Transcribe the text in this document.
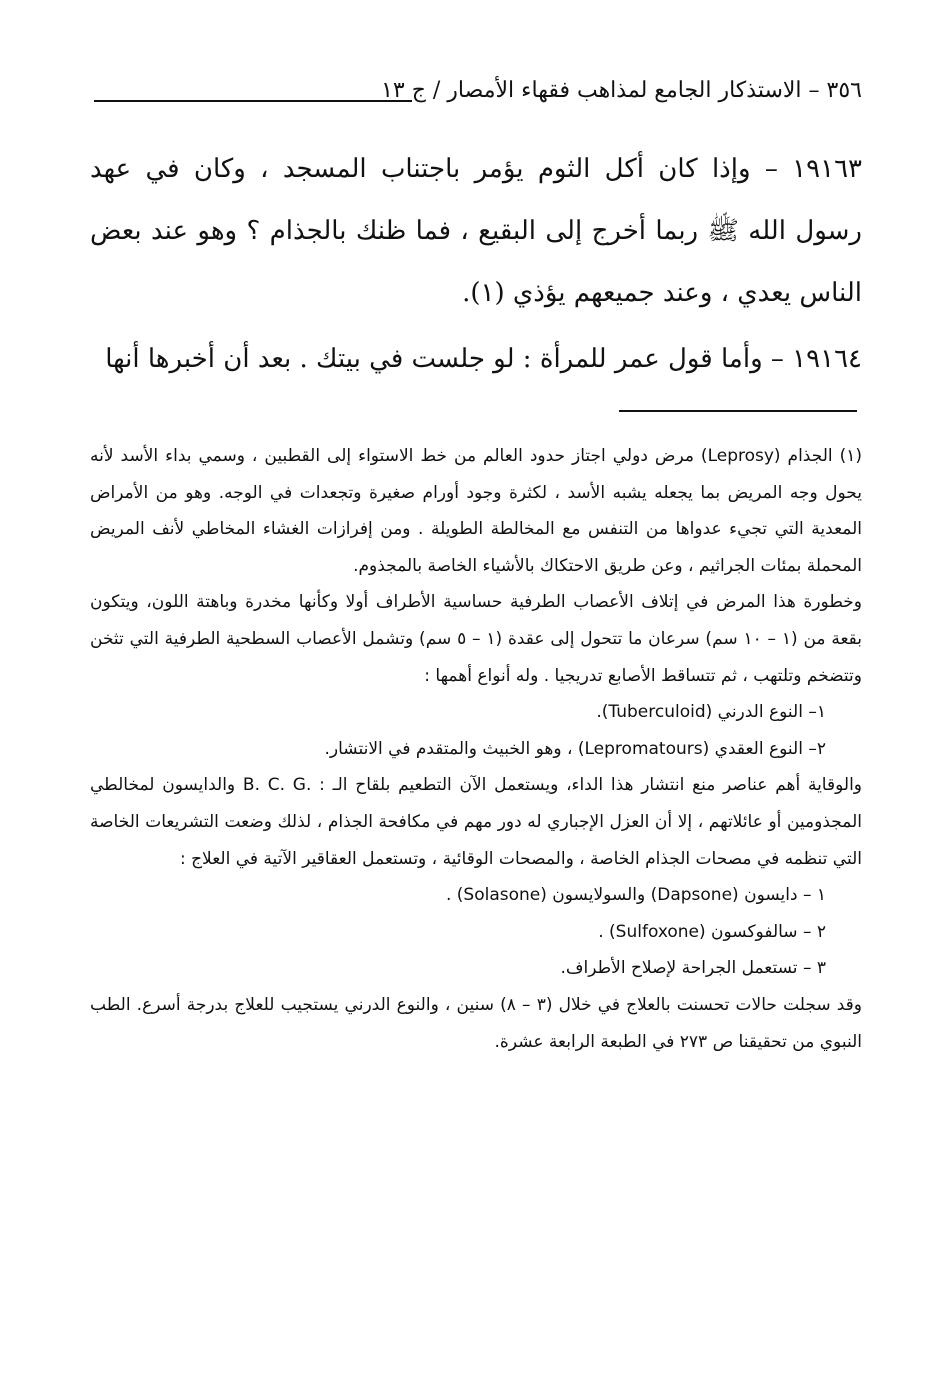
٣٥٦ – الاستذكار الجامع لمذاهب فقهاء الأمصار / ج ١٣

١٩١٦٣ – وإذا كان أكل الثوم يؤمر باجتناب المسجد ، وكان في عهد رسول الله ﷺ ربما أخرج إلى البقيع ، فما ظنك بالجذام ؟ وهو عند بعض الناس يعدي ، وعند جميعهم يؤذي (١).

١٩١٦٤ – وأما قول عمر للمرأة : لو جلست في بيتك . بعد أن أخبرها أنها

(١) الجذام (Leprosy) مرض دولي اجتاز حدود العالم من خط الاستواء إلى القطبين ، وسمي بداء الأسد لأنه يحول وجه المريض بما يجعله يشبه الأسد ، لكثرة وجود أورام صغيرة وتجعدات في الوجه. وهو من الأمراض المعدية التي تجيء عدواها من التنفس مع المخالطة الطويلة . ومن إفرازات الغشاء المخاطي لأنف المريض المحملة بمئات الجراثيم ، وعن طريق الاحتكاك بالأشياء الخاصة بالمجذوم.

وخطورة هذا المرض في إتلاف الأعصاب الطرفية حساسية الأطراف أولا وكأنها مخدرة وباهتة اللون، ويتكون بقعة من (١ – ١٠ سم) سرعان ما تتحول إلى عقدة (١ – ٥ سم) وتشمل الأعصاب السطحية الطرفية التي تثخن وتتضخم وتلتهب ، ثم تتساقط الأصابع تدريجيا . وله أنواع أهمها :

١– النوع الدرني (Tuberculoid).

٢– النوع العقدي (Lepromatours) ، وهو الخبيث والمتقدم في الانتشار.

والوقاية أهم عناصر منع انتشار هذا الداء، ويستعمل الآن التطعيم بلقاح الـ : .B. C. G والدايسون لمخالطي المجذومين أو عائلاتهم ، إلا أن العزل الإجباري له دور مهم في مكافحة الجذام ، لذلك وضعت التشريعات الخاصة التي تنظمه في مصحات الجذام الخاصة ، والمصحات الوقائية ، وتستعمل العقاقير الآتية في العلاج :

١ – دايسون (Dapsone) والسولايسون (Solasone) .

٢ – سالفوكسون (Sulfoxone) .

٣ – تستعمل الجراحة لإصلاح الأطراف.

وقد سجلت حالات تحسنت بالعلاج في خلال (٣ – ٨) سنين ، والنوع الدرني يستجيب للعلاج بدرجة أسرع. الطب النبوي من تحقيقنا ص ٢٧٣ في الطبعة الرابعة عشرة.
